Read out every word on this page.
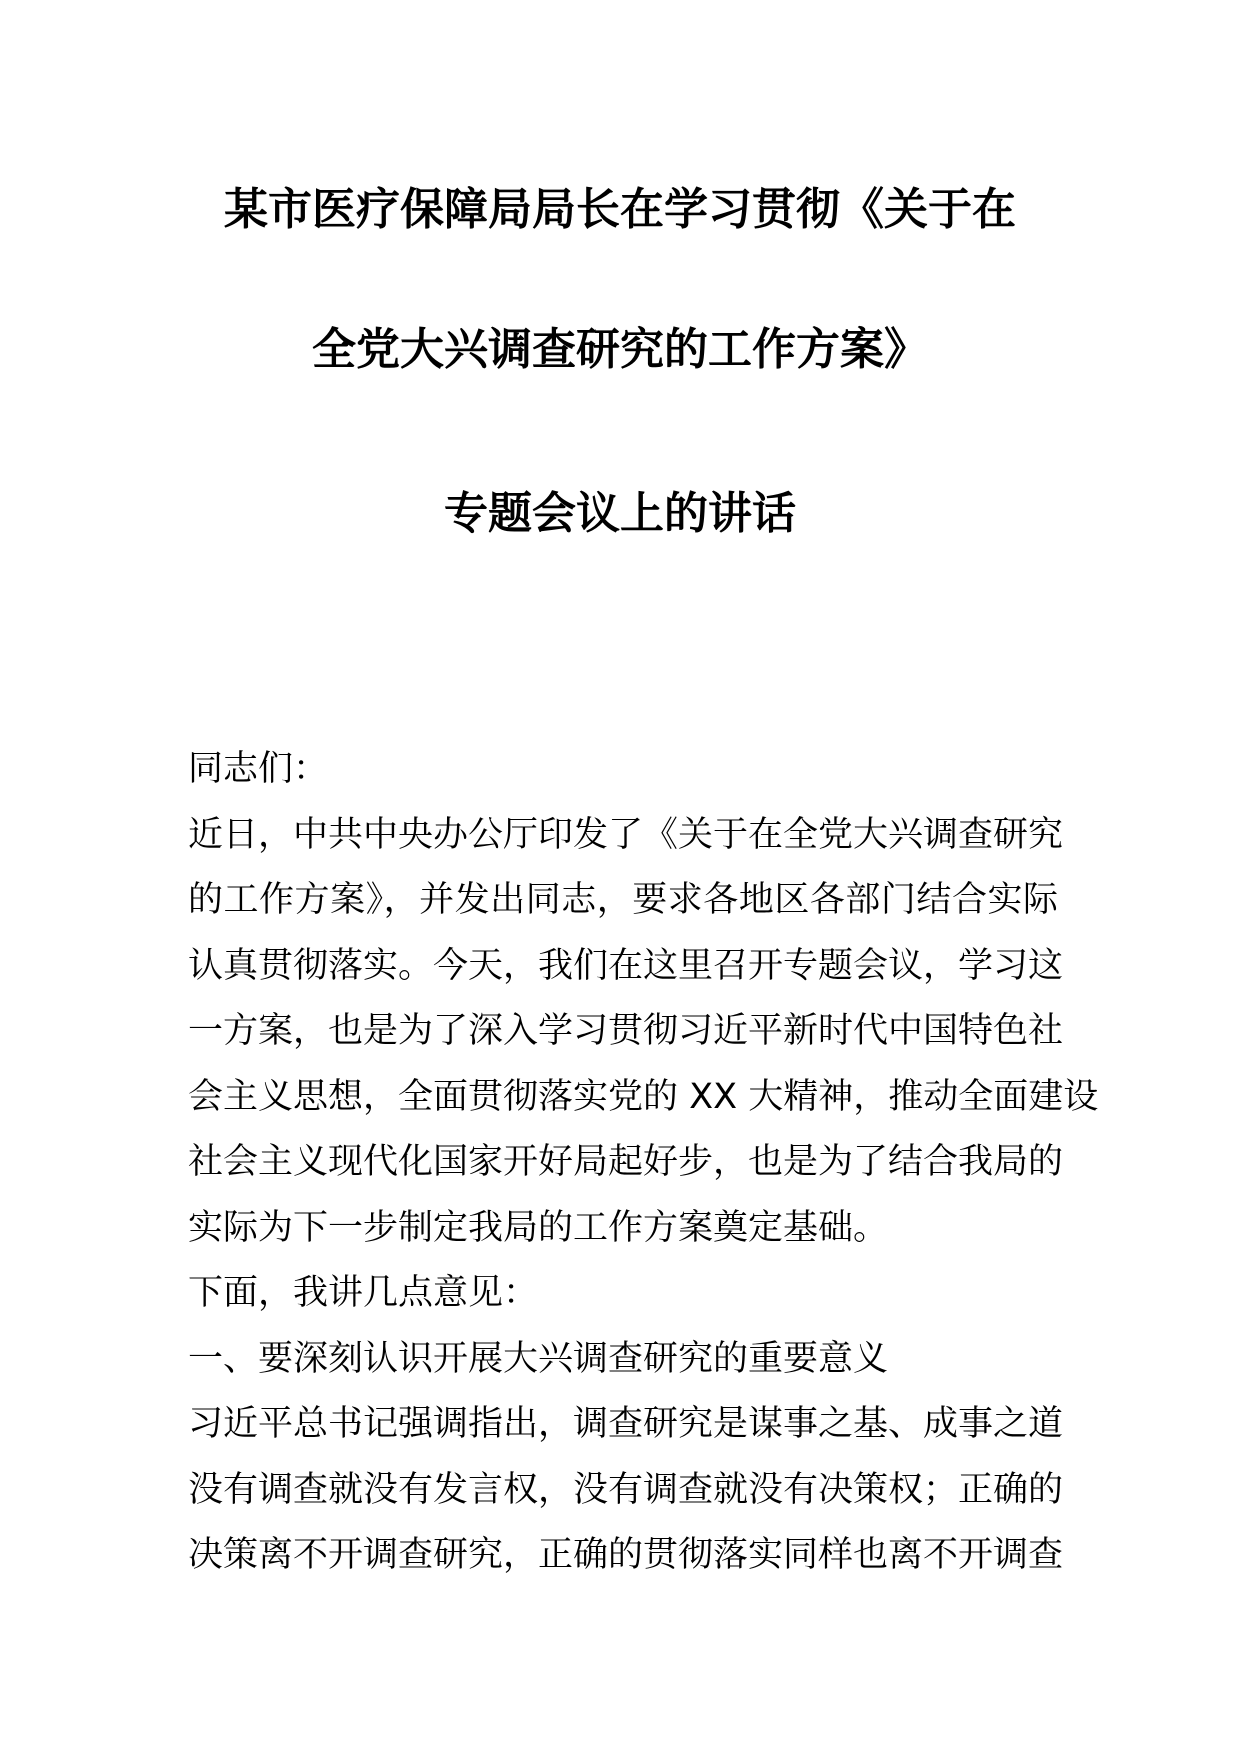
某市医疗保障局局长在学习贯彻《关于在
全党大兴调查研究的工作方案》
专题会议上的讲话
同志们：
近日，中共中央办公厅印发了《关于在全党大兴调查研究
的工作方案》，并发出同志，要求各地区各部门结合实际
认真贯彻落实。今天，我们在这里召开专题会议，学习这
一方案，也是为了深入学习贯彻习近平新时代中国特色社
会主义思想，全面贯彻落实党的 XX 大精神，推动全面建设
社会主义现代化国家开好局起好步，也是为了结合我局的
实际为下一步制定我局的工作方案奠定基础。
下面，我讲几点意见：
一、要深刻认识开展大兴调查研究的重要意义
习近平总书记强调指出，调查研究是谋事之基、成事之道
没有调查就没有发言权，没有调查就没有决策权；正确的
决策离不开调查研究，正确的贯彻落实同样也离不开调查
